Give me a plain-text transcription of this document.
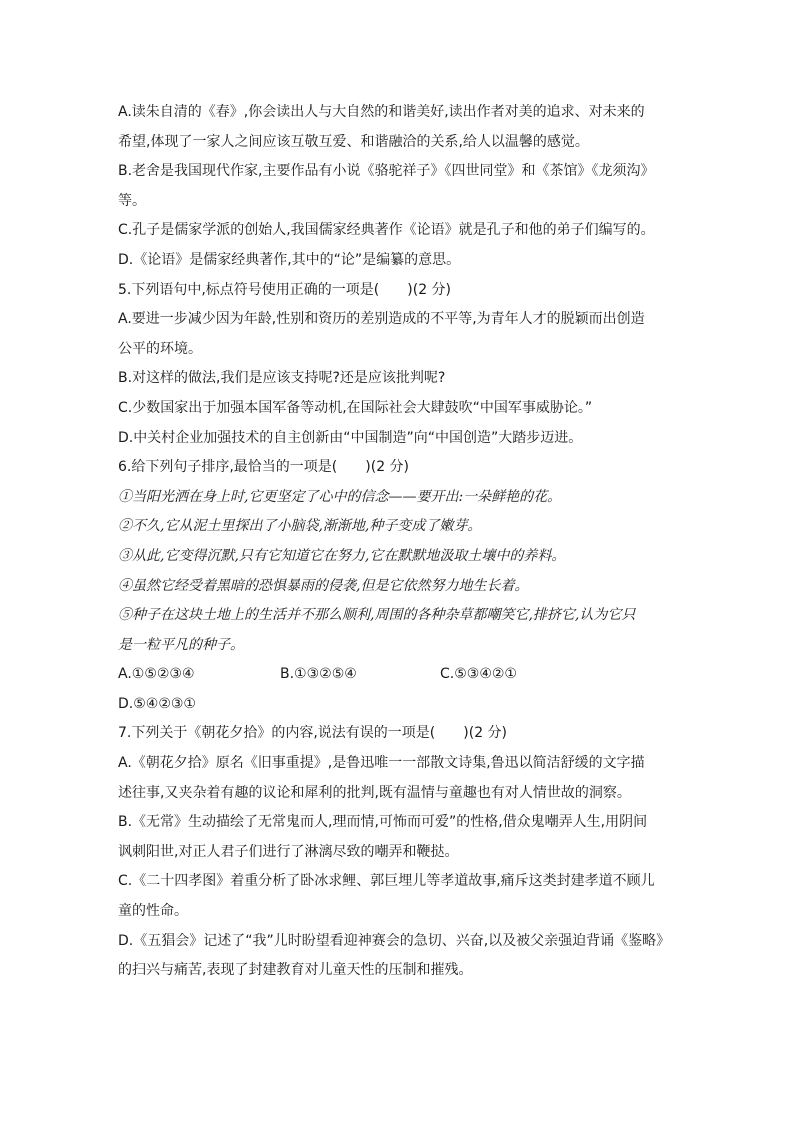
A.读朱自清的《春》,你会读出人与大自然的和谐美好,读出作者对美的追求、对未来的
希望,体现了一家人之间应该互敬互爱、和谐融洽的关系,给人以温馨的感觉。
B.老舍是我国现代作家,主要作品有小说《骆驼祥子》《四世同堂》和《茶馆》《龙须沟》
等。
C.孔子是儒家学派的创始人,我国儒家经典著作《论语》就是孔子和他的弟子们编写的。
D.《论语》是儒家经典著作,其中的“论”是编纂的意思。
5.下列语句中,标点符号使用正确的一项是(　　)(2 分)
A.要进一步减少因为年龄,性别和资历的差别造成的不平等,为青年人才的脱颖而出创造
公平的环境。
B.对这样的做法,我们是应该支持呢?还是应该批判呢?
C.少数国家出于加强本国军备等动机,在国际社会大肆鼓吹“中国军事威胁论。”
D.中关村企业加强技术的自主创新由“中国制造”向“中国创造”大踏步迈进。
6.给下列句子排序,最恰当的一项是(　　)(2 分)
①当阳光洒在身上时,它更坚定了心中的信念——要开出:一朵鲜艳的花。
②不久,它从泥土里探出了小脑袋,渐渐地,种子变成了嫩芽。
③从此,它变得沉默,只有它知道它在努力,它在默默地汲取土壤中的养料。
④虽然它经受着黑暗的恐惧暴雨的侵袭,但是它依然努力地生长着。
⑤种子在这块土地上的生活并不那么顺利,周围的各种杂草都嘲笑它,排挤它,认为它只
是一粒平凡的种子。
A.①⑤②③④	B.①③②⑤④	C.⑤③④②①
D.⑤④②③①
7.下列关于《朝花夕拾》的内容,说法有误的一项是(　　)(2 分)
A.《朝花夕拾》原名《旧事重提》,是鲁迅唯一一部散文诗集,鲁迅以简洁舒缓的文字描
述往事,又夹杂着有趣的议论和犀利的批判,既有温情与童趣也有对人情世故的洞察。
B.《无常》生动描绘了无常鬼而人,理而情,可怖而可爱”的性格,借众鬼嘲弄人生,用阴间
讽刺阳世,对正人君子们进行了淋漓尽致的嘲弄和鞭挞。
C.《二十四孝图》着重分析了卧冰求鲤、郭巨埋儿等孝道故事,痛斥这类封建孝道不顾儿
童的性命。
D.《五猖会》记述了“我”儿时盼望看迎神赛会的急切、兴奋,以及被父亲强迫背诵《鉴略》
的扫兴与痛苦,表现了封建教育对儿童天性的压制和摧残。
